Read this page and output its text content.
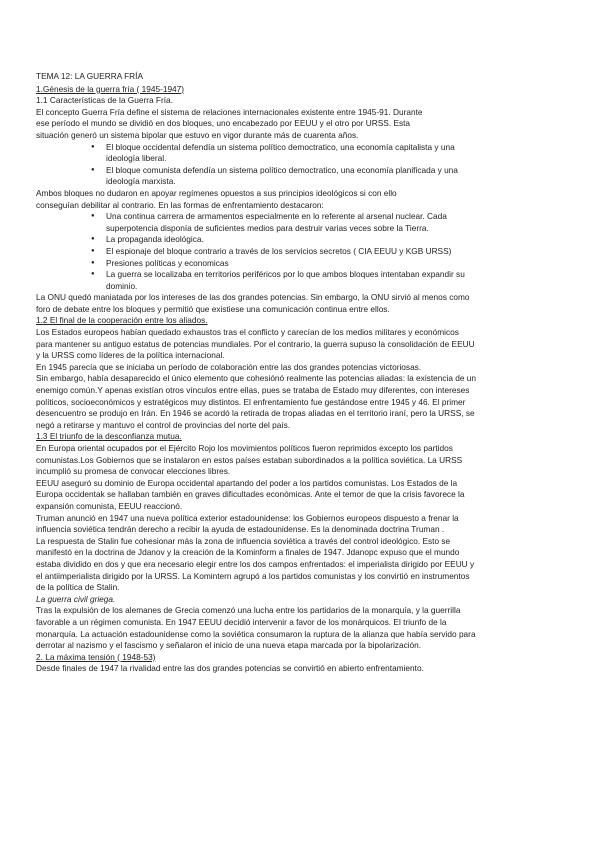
TEMA 12: LA GUERRA FRÍA
1.Génesis de la guerra fría ( 1945-1947)
1.1 Características de la Guerra Fría.
El concepto Guerra Fría define el sistema de relaciones internacionales existente entre 1945-91. Durante
ese período el mundo se dividió en dos bloques, uno encabezado por EEUU y el otro por URSS. Esta
situación generó un sistema bipolar que estuvo en vigor durante más de cuarenta años.
● El bloque occidental defendía un sistema político democtratico, una economía capitalista y una
ideología liberal.
● El bloque comunista defendía un sistema político democtratico, una economía planificada y una
ideología marxista.
Ambos bloques no dudaron en apoyar regímenes opuestos a sus principios ideológicos si con ello
conseguían debilitar al contrario. En las formas de enfrentamiento destacaron:
● Una continua carrera de armamentos especialmente en lo referente al arsenal nuclear. Cada
superpotencia disponía de suficientes medios para destruir varias veces sobre la Tierra.
● La propaganda ideológica.
● El espionaje del bloque contrario a través de los servicios secretos ( CIA EEUU y KGB URSS)
● Presiones políticas y economicas
● La guerra se localizaba en territorios periféricos por lo que ambos bloques intentaban expandir su
dominio.
La ONU quedó maniatada por los intereses de las dos grandes potencias. Sin embargo, la ONU sirvió al menos como
foro de debate entre los bloques y permitió que existiese una comunicación continua entre ellos.
1.2 El final de la cooperación entre los aliados.
Los Estados europeos habían quedado exhaustos tras el conflicto y carecían de los medios militares y económicos
para mantener su antiguo estatus de potencias mundiales. Por el contrario, la guerra supuso la consolidación de EEUU
y la URSS como líderes de la política internacional.
En 1945 parecía que se iniciaba un período de colaboración entre las dos grandes potencias victoriosas.
Sin embargo, había desaparecido el único elemento que cohesiónó realmente las potencias aliadas: la existencia de un
enemigo común.Y apenas existían otros vínculos entre ellas, pues se trataba de Estado muy diferentes, con intereses
políticos, socioeconómicos y estratégicos muy distintos. El enfrentamiento fue gestándose entre 1945 y 46. El primer
desencuentro se produjo en Irán. En 1946 se acordó la retirada de tropas aliadas en el territorio iraní, pero la URSS, se
negó a retirarse y mantuvo el control de provincias del norte del país.
1.3 El triunfo de la desconfianza mutua.
En Europa oriental ocupados por el Ejército Rojo los movimientos políticos fueron reprimidos excepto los partidos
comunistas.Los Gobiernos que se instalaron en estos países estaban subordinados a la política soviética. La URSS
incumplió su promesa de convocar elecciones libres.
EEUU aseguró su dominio de Europa occidental apartando del poder a los partidos comunistas. Los Estados de la
Europa occidentak se hallaban también en graves dificultades económicas. Ante el temor de que la crisis favorece la
expansión comunista, EEUU reaccionó.
Truman anunció en 1947 una nueva política exterior estadounidense: los Gobiernos europeos dispuesto a frenar la
influencia soviética tendrán derecho a recibir la ayuda de estadounidense. Es la denominada doctrina Truman .
La respuesta de Stalin fue cohesionar más la zona de influencia soviética a través del control ideológico. Esto se
manifestó en la doctrina de Jdanov y la creación de la Kominform a finales de 1947. Jdanopc expuso que el mundo
estaba dividido en dos y que era necesario elegir entre los dos campos enfrentados: el imperialista dirigido por EEUU y
el antiimperialista dirigido por la URSS. La Komintern agrupó a los partidos comunistas y los convirtió en instrumentos
de la política de Stalin.
La guerra civil griega.
Tras la expulsión de los alemanes de Grecia comenzó una lucha entre los partidarios de la monarquía, y la guerrilla
favorable a un régimen comunista. En 1947 EEUU decidió intervenir a favor de los monárquicos. El triunfo de la
monarquía. La actuación estadounidense como la soviética consumaron la ruptura de la alianza que había servido para
derrotar al nazismo y el fascismo y señalaron el inicio de una nueva etapa marcada por la bipolarización.
2. La máxima tensión ( 1948-53)
Desde finales de 1947 la rivalidad entre las dos grandes potencias se convirtió en abierto enfrentamiento.
